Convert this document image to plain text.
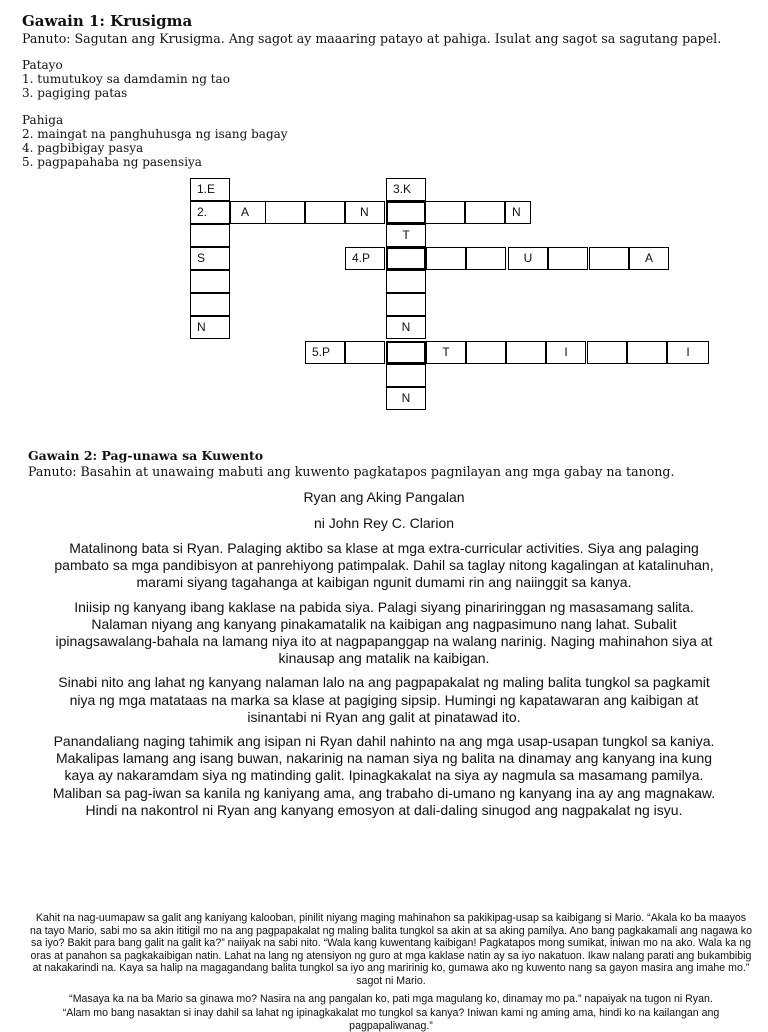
Gawain 1: Krusigma
Panuto: Sagutan ang Krusigma. Ang sagot ay maaaring patayo at pahiga. Isulat ang sagot sa sagutang papel.
Patayo
1. tumutukoy sa damdamin ng tao
3. pagiging patas
Pahiga
2. maingat na panghuhusga ng isang bagay
4. pagbibigay pasya
5. pagpapahaba ng pasensiya
1.E
2.
S
N
A	N	N
3.K
T
N
N
4.P	U	A
5.P	T	I	I
Gawain 2: Pag-unawa sa Kuwento
Panuto: Basahin at unawaing mabuti ang kuwento pagkatapos pagnilayan ang mga gabay na tanong.
Ryan ang Aking Pangalan
ni John Rey C. Clarion

Matalinong bata si Ryan. Palaging aktibo sa klase at mga extra-curricular activities. Siya ang palaging pambato sa mga pandibisyon at panrehiyong patimpalak. Dahil sa taglay nitong kagalingan at katalinuhan, marami siyang tagahanga at kaibigan ngunit dumami rin ang naiinggit sa kanya.

Iniisip ng kanyang ibang kaklase na pabida siya. Palagi siyang pinariringgan ng masasamang salita. Nalaman niyang ang kanyang pinakamatalik na kaibigan ang nagpasimuno nang lahat. Subalit ipinagsawalang-bahala na lamang niya ito at nagpapanggap na walang narinig. Naging mahinahon siya at kinausap ang matalik na kaibigan.

Sinabi nito ang lahat ng kanyang nalaman lalo na ang pagpapakalat ng maling balita tungkol sa pagkamit niya ng mga matataas na marka sa klase at pagiging sipsip. Humingi ng kapatawaran ang kaibigan at isinantabi ni Ryan ang galit at pinatawad ito.

Panandaliang naging tahimik ang isipan ni Ryan dahil nahinto na ang mga usap-usapan tungkol sa kaniya. Makalipas lamang ang isang buwan, nakarinig na naman siya ng balita na dinamay ang kanyang ina kung kaya ay nakaramdam siya ng matinding galit. Ipinagkakalat na siya ay nagmula sa masamang pamilya. Maliban sa pag-iwan sa kanila ng kaniyang ama, ang trabaho di-umano ng kanyang ina ay ang magnakaw. Hindi na nakontrol ni Ryan ang kanyang emosyon at dali-daling sinugod ang nagpakalat ng isyu.

Kahit na nag-uumapaw sa galit ang kaniyang kalooban, pinilit niyang maging mahinahon sa pakikipag-usap sa kaibigang si Mario. “Akala ko ba maayos na tayo Mario, sabi mo sa akin ititigil mo na ang pagpapakalat ng maling balita tungkol sa akin at sa aking pamilya. Ano bang pagkakamali ang nagawa ko sa iyo? Bakit para bang galit na galit ka?” naiiyak na sabi nito. “Wala kang kuwentang kaibigan! Pagkatapos mong sumikat, iniwan mo na ako. Wala ka ng oras at panahon sa pagkakaibigan natin. Lahat na lang ng atensiyon ng guro at mga kaklase natin ay sa iyo nakatuon. Ikaw nalang parati ang bukambibig at nakakarindi na. Kaya sa halip na magagandang balita tungkol sa iyo ang maririnig ko, gumawa ako ng kuwento nang sa gayon masira ang imahe mo.” sagot ni Mario.

“Masaya ka na ba Mario sa ginawa mo? Nasira na ang pangalan ko, pati mga magulang ko, dinamay mo pa.” napaiyak na tugon ni Ryan.

“Alam mo bang nasaktan si inay dahil sa lahat ng ipinagkakalat mo tungkol sa kanya? Iniwan kami ng aming ama, hindi ko na kailangan ang pagpapaliwanag.”
